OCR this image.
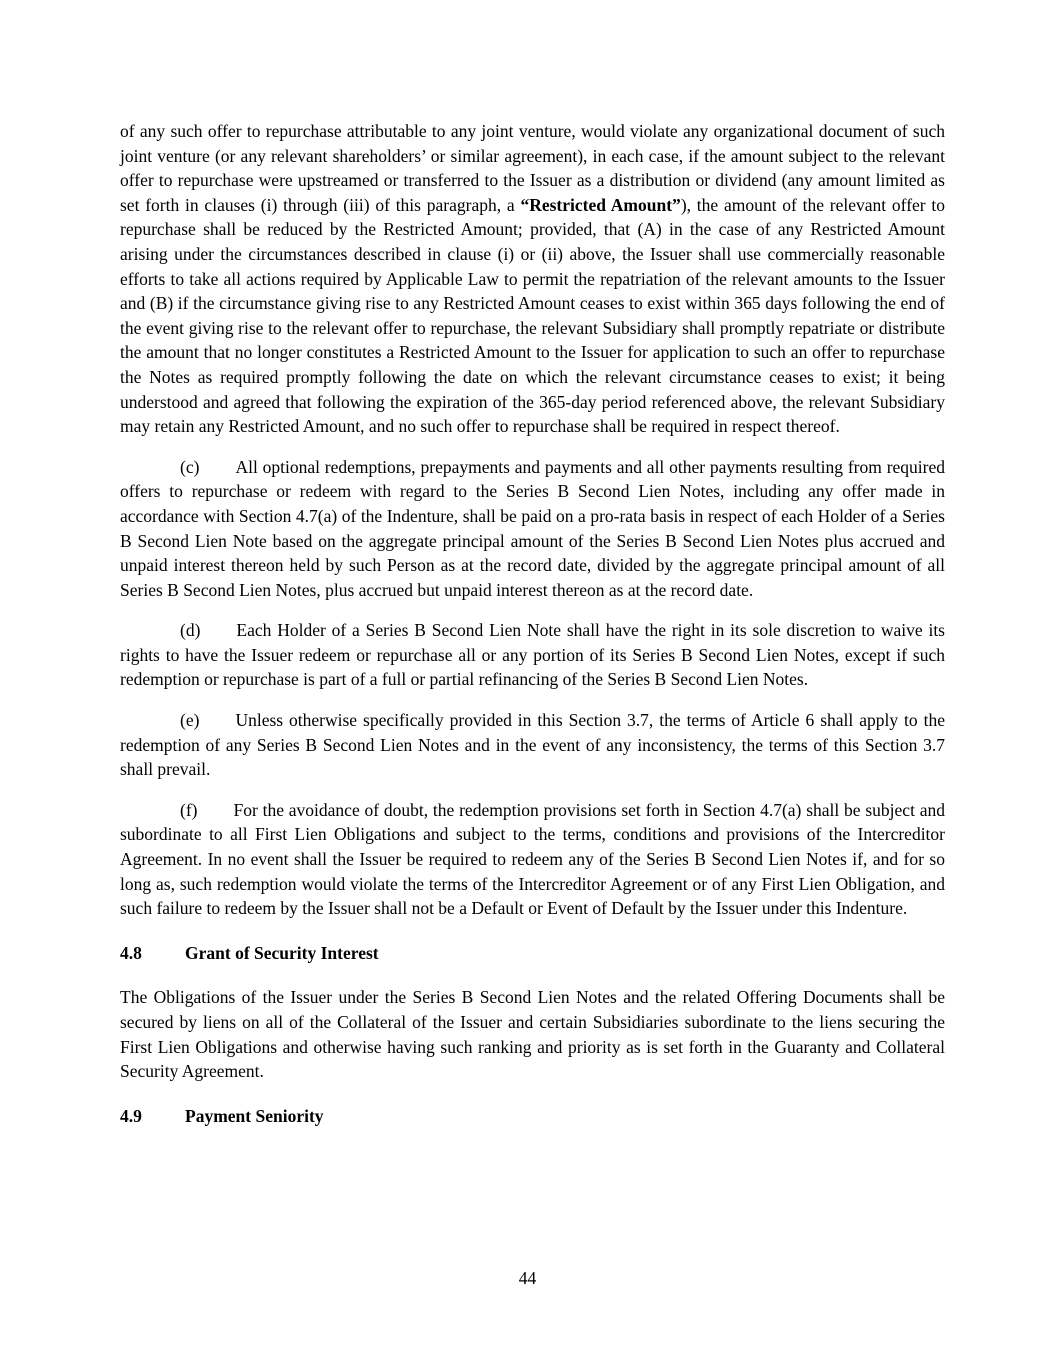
of any such offer to repurchase attributable to any joint venture, would violate any organizational document of such joint venture (or any relevant shareholders’ or similar agreement), in each case, if the amount subject to the relevant offer to repurchase were upstreamed or transferred to the Issuer as a distribution or dividend (any amount limited as set forth in clauses (i) through (iii) of this paragraph, a “Restricted Amount”), the amount of the relevant offer to repurchase shall be reduced by the Restricted Amount; provided, that (A) in the case of any Restricted Amount arising under the circumstances described in clause (i) or (ii) above, the Issuer shall use commercially reasonable efforts to take all actions required by Applicable Law to permit the repatriation of the relevant amounts to the Issuer and (B) if the circumstance giving rise to any Restricted Amount ceases to exist within 365 days following the end of the event giving rise to the relevant offer to repurchase, the relevant Subsidiary shall promptly repatriate or distribute the amount that no longer constitutes a Restricted Amount to the Issuer for application to such an offer to repurchase the Notes as required promptly following the date on which the relevant circumstance ceases to exist; it being understood and agreed that following the expiration of the 365-day period referenced above, the relevant Subsidiary may retain any Restricted Amount, and no such offer to repurchase shall be required in respect thereof.

(c) All optional redemptions, prepayments and payments and all other payments resulting from required offers to repurchase or redeem with regard to the Series B Second Lien Notes, including any offer made in accordance with Section 4.7(a) of the Indenture, shall be paid on a pro-rata basis in respect of each Holder of a Series B Second Lien Note based on the aggregate principal amount of the Series B Second Lien Notes plus accrued and unpaid interest thereon held by such Person as at the record date, divided by the aggregate principal amount of all Series B Second Lien Notes, plus accrued but unpaid interest thereon as at the record date.

(d) Each Holder of a Series B Second Lien Note shall have the right in its sole discretion to waive its rights to have the Issuer redeem or repurchase all or any portion of its Series B Second Lien Notes, except if such redemption or repurchase is part of a full or partial refinancing of the Series B Second Lien Notes.

(e) Unless otherwise specifically provided in this Section 3.7, the terms of Article 6 shall apply to the redemption of any Series B Second Lien Notes and in the event of any inconsistency, the terms of this Section 3.7 shall prevail.

(f) For the avoidance of doubt, the redemption provisions set forth in Section 4.7(a) shall be subject and subordinate to all First Lien Obligations and subject to the terms, conditions and provisions of the Intercreditor Agreement. In no event shall the Issuer be required to redeem any of the Series B Second Lien Notes if, and for so long as, such redemption would violate the terms of the Intercreditor Agreement or of any First Lien Obligation, and such failure to redeem by the Issuer shall not be a Default or Event of Default by the Issuer under this Indenture.

4.8 Grant of Security Interest

The Obligations of the Issuer under the Series B Second Lien Notes and the related Offering Documents shall be secured by liens on all of the Collateral of the Issuer and certain Subsidiaries subordinate to the liens securing the First Lien Obligations and otherwise having such ranking and priority as is set forth in the Guaranty and Collateral Security Agreement.

4.9 Payment Seniority
44
